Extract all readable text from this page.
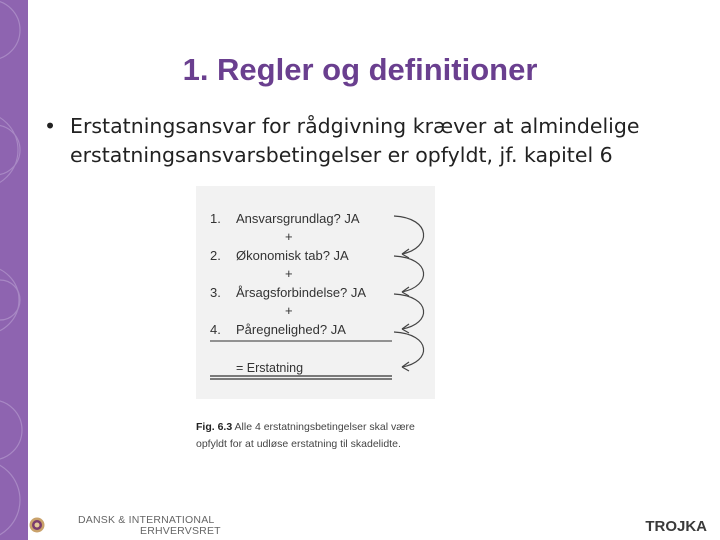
1. Regler og definitioner
• Erstatningsansvar for rådgivning kræver at almindelige erstatningsansvarsbetingelser er opfyldt, jf. kapitel 6
1. Ansvarsgrundlag? JA
+
2. Økonomisk tab? JA
+
3. Årsagsforbindelse? JA
+
4. Påregnelighed? JA
= Erstatning
Fig. 6.3 Alle 4 erstatningsbetingelser skal være opfyldt for at udløse erstatning til skadelidte.
DANSK & INTERNATIONAL
ERHVERVSRET	TROJKA
